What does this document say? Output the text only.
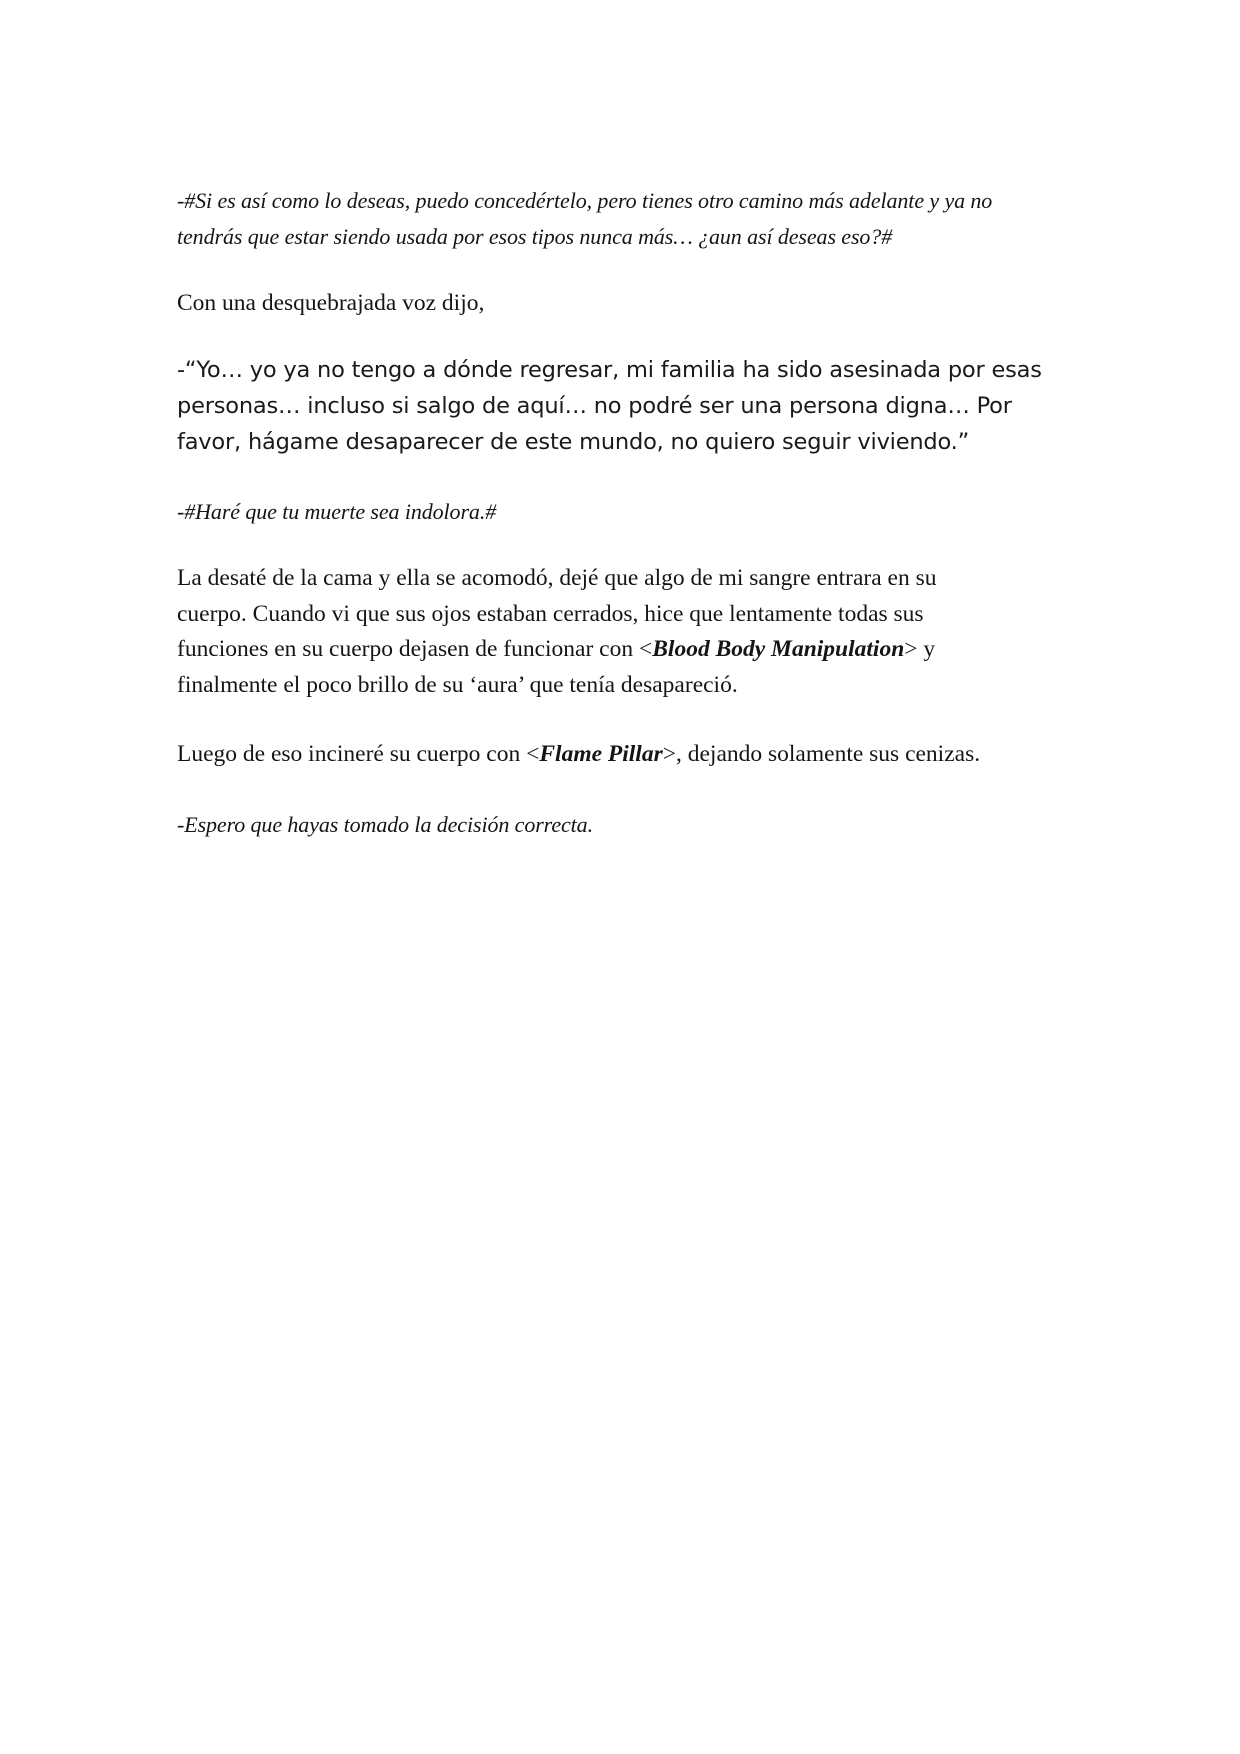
-#Si es así como lo deseas, puedo concedértelo, pero tienes otro camino más adelante y ya no
tendrás que estar siendo usada por esos tipos nunca más… ¿aun así deseas eso?#

Con una desquebrajada voz dijo,

-“Yo… yo ya no tengo a dónde regresar, mi familia ha sido asesinada por esas
personas… incluso si salgo de aquí… no podré ser una persona digna… Por
favor, hágame desaparecer de este mundo, no quiero seguir viviendo.”

-#Haré que tu muerte sea indolora.#

La desaté de la cama y ella se acomodó, dejé que algo de mi sangre entrara en su
cuerpo. Cuando vi que sus ojos estaban cerrados, hice que lentamente todas sus
funciones en su cuerpo dejasen de funcionar con <Blood Body Manipulation> y
finalmente el poco brillo de su ‘aura’ que tenía desapareció.

Luego de eso incineré su cuerpo con <Flame Pillar>, dejando solamente sus cenizas.

-Espero que hayas tomado la decisión correcta.
